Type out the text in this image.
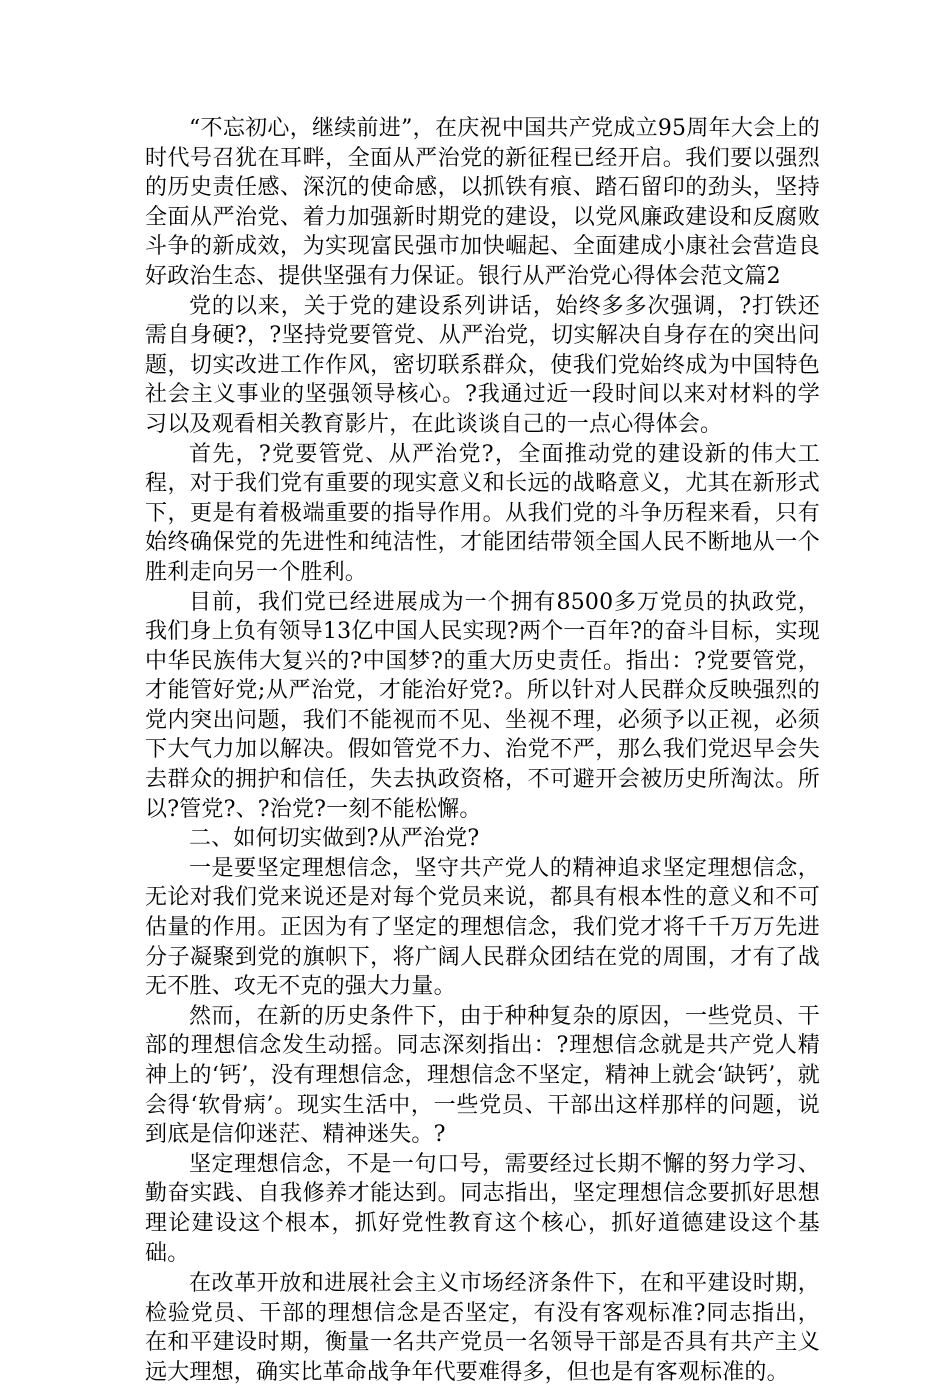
“不忘初心，继续前进”，在庆祝中国共产党成立95周年大会上的时代号召犹在耳畔，全面从严治党的新征程已经开启。我们要以强烈的历史责任感、深沉的使命感，以抓铁有痕、踏石留印的劲头，坚持全面从严治党、着力加强新时期党的建设，以党风廉政建设和反腐败斗争的新成效，为实现富民强市加快崛起、全面建成小康社会营造良好政治生态、提供坚强有力保证。银行从严治党心得体会范文篇2

党的以来，关于党的建设系列讲话，始终多多次强调，?打铁还需自身硬?，?坚持党要管党、从严治党，切实解决自身存在的突出问题，切实改进工作作风，密切联系群众，使我们党始终成为中国特色社会主义事业的坚强领导核心。?我通过近一段时间以来对材料的学习以及观看相关教育影片，在此谈谈自己的一点心得体会。

首先，?党要管党、从严治党?，全面推动党的建设新的伟大工程，对于我们党有重要的现实意义和长远的战略意义，尤其在新形式下，更是有着极端重要的指导作用。从我们党的斗争历程来看，只有始终确保党的先进性和纯洁性，才能团结带领全国人民不断地从一个胜利走向另一个胜利。

目前，我们党已经进展成为一个拥有8500多万党员的执政党，我们身上负有领导13亿中国人民实现?两个一百年?的奋斗目标，实现中华民族伟大复兴的?中国梦?的重大历史责任。指出：?党要管党，才能管好党;从严治党，才能治好党?。所以针对人民群众反映强烈的党内突出问题，我们不能视而不见、坐视不理，必须予以正视，必须下大气力加以解决。假如管党不力、治党不严，那么我们党迟早会失去群众的拥护和信任，失去执政资格，不可避开会被历史所淘汰。所以?管党?、?治党?一刻不能松懈。

二、如何切实做到?从严治党?

一是要坚定理想信念，坚守共产党人的精神追求坚定理想信念，无论对我们党来说还是对每个党员来说，都具有根本性的意义和不可估量的作用。正因为有了坚定的理想信念，我们党才将千千万万先进分子凝聚到党的旗帜下，将广阔人民群众团结在党的周围，才有了战无不胜、攻无不克的强大力量。

然而，在新的历史条件下，由于种种复杂的原因，一些党员、干部的理想信念发生动摇。同志深刻指出：?理想信念就是共产党人精神上的‘钙’，没有理想信念，理想信念不坚定，精神上就会‘缺钙’，就会得‘软骨病’。现实生活中，一些党员、干部出这样那样的问题，说到底是信仰迷茫、精神迷失。?

坚定理想信念，不是一句口号，需要经过长期不懈的努力学习、勤奋实践、自我修养才能达到。同志指出，坚定理想信念要抓好思想理论建设这个根本，抓好党性教育这个核心，抓好道德建设这个基础。

在改革开放和进展社会主义市场经济条件下，在和平建设时期，检验党员、干部的理想信念是否坚定，有没有客观标准?同志指出，在和平建设时期，衡量一名共产党员一名领导干部是否具有共产主义远大理想，确实比革命战争年代要难得多，但也是有客观标准的。
